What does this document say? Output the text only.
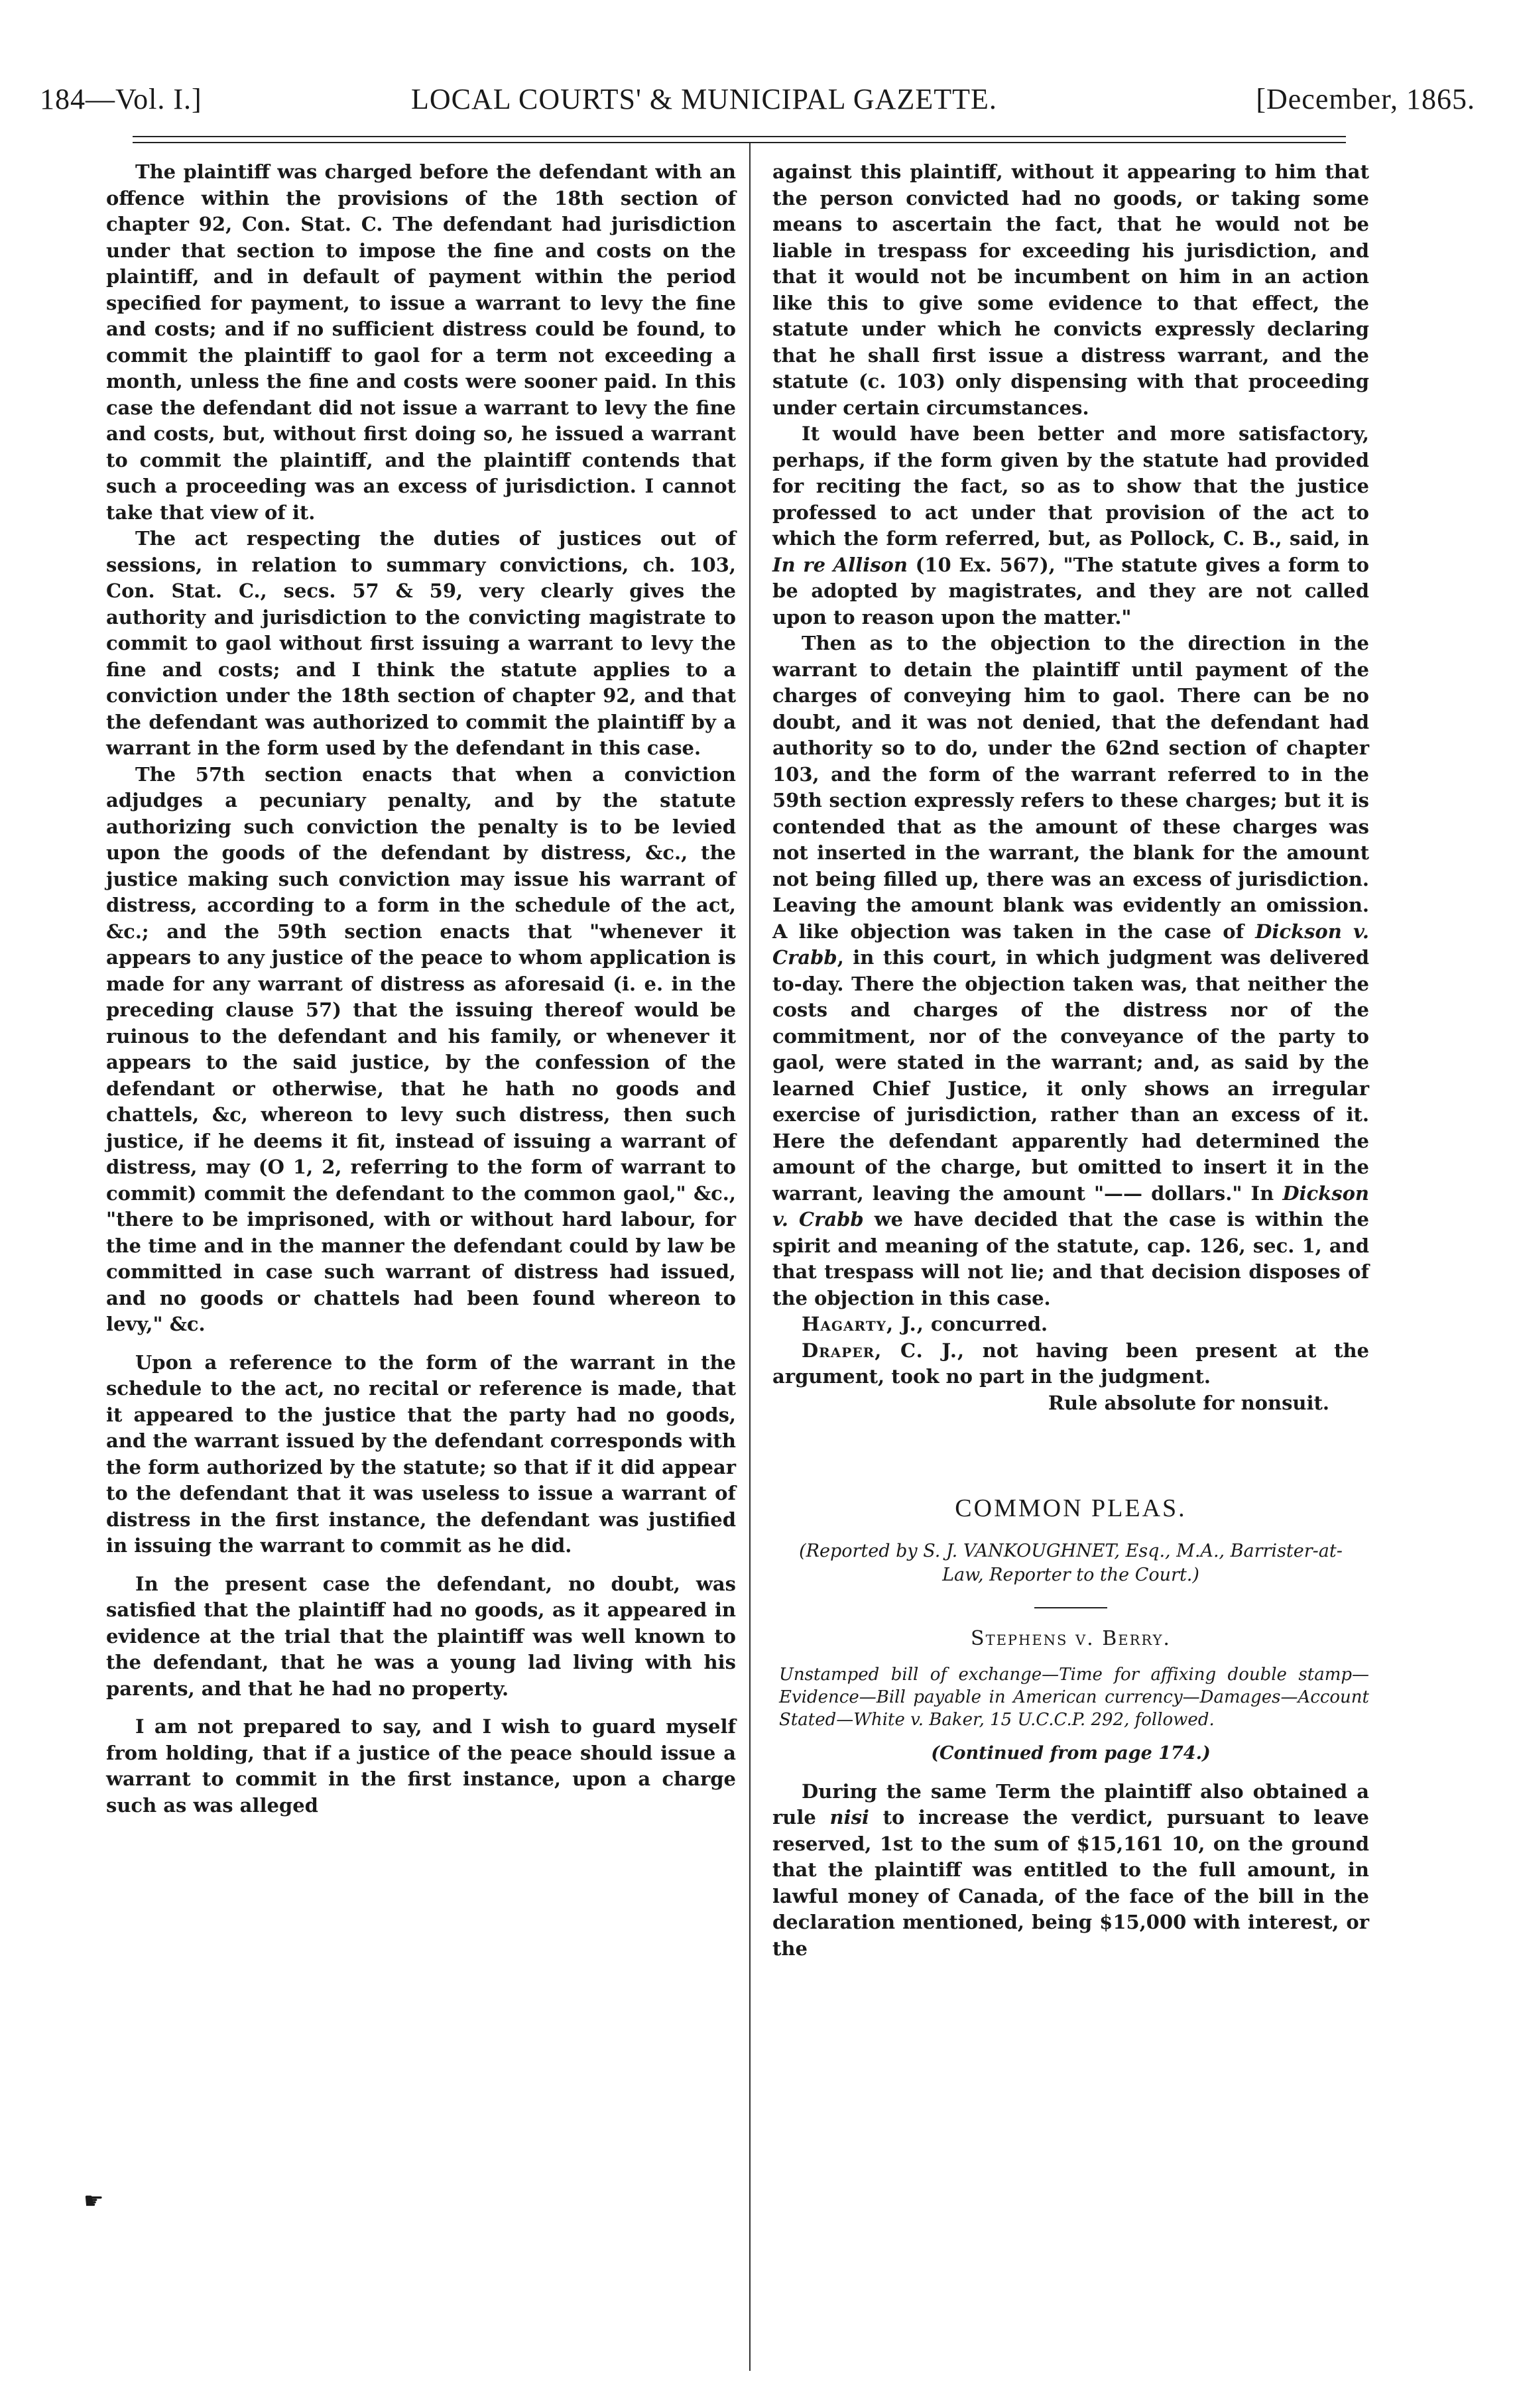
184—Vol. I.]	LOCAL COURTS' & MUNICIPAL GAZETTE.	[December, 1865.

The plaintiff was charged before the defendant with an offence within the provisions of the 18th section of chapter 92, Con. Stat. C. The defendant had jurisdiction under that section to impose the fine and costs on the plaintiff, and in default of payment within the period specified for payment, to issue a warrant to levy the fine and costs; and if no sufficient distress could be found, to commit the plaintiff to gaol for a term not exceeding a month, unless the fine and costs were sooner paid. In this case the defendant did not issue a warrant to levy the fine and costs, but, without first doing so, he issued a warrant to commit the plaintiff, and the plaintiff contends that such a proceeding was an excess of jurisdiction. I cannot take that view of it.

The act respecting the duties of justices out of sessions, in relation to summary convictions, ch. 103, Con. Stat. C., secs. 57 & 59, very clearly gives the authority and jurisdiction to the convicting magistrate to commit to gaol without first issuing a warrant to levy the fine and costs; and I think the statute applies to a conviction under the 18th section of chapter 92, and that the defendant was authorized to commit the plaintiff by a warrant in the form used by the defendant in this case.

The 57th section enacts that when a conviction adjudges a pecuniary penalty, and by the statute authorizing such conviction the penalty is to be levied upon the goods of the defendant by distress, &c., the justice making such conviction may issue his warrant of distress, according to a form in the schedule of the act, &c.; and the 59th section enacts that "whenever it appears to any justice of the peace to whom application is made for any warrant of distress as aforesaid (i. e. in the preceding clause 57) that the issuing thereof would be ruinous to the defendant and his family, or whenever it appears to the said justice, by the confession of the defendant or otherwise, that he hath no goods and chattels, &c, whereon to levy such distress, then such justice, if he deems it fit, instead of issuing a warrant of distress, may (O 1, 2, referring to the form of warrant to commit) commit the defendant to the common gaol," &c., "there to be imprisoned, with or without hard labour, for the time and in the manner the defendant could by law be committed in case such warrant of distress had issued, and no goods or chattels had been found whereon to levy," &c.

Upon a reference to the form of the warrant in the schedule to the act, no recital or reference is made, that it appeared to the justice that the party had no goods, and the warrant issued by the defendant corresponds with the form authorized by the statute; so that if it did appear to the defendant that it was useless to issue a warrant of distress in the first instance, the defendant was justified in issuing the warrant to commit as he did.

In the present case the defendant, no doubt, was satisfied that the plaintiff had no goods, as it appeared in evidence at the trial that the plaintiff was well known to the defendant, that he was a young lad living with his parents, and that he had no property.

I am not prepared to say, and I wish to guard myself from holding, that if a justice of the peace should issue a warrant to commit in the first instance, upon a charge such as was alleged

☛

against this plaintiff, without it appearing to him that the person convicted had no goods, or taking some means to ascertain the fact, that he would not be liable in trespass for exceeding his jurisdiction, and that it would not be incumbent on him in an action like this to give some evidence to that effect, the statute under which he convicts expressly declaring that he shall first issue a distress warrant, and the statute (c. 103) only dispensing with that proceeding under certain circumstances.

It would have been better and more satisfactory, perhaps, if the form given by the statute had provided for reciting the fact, so as to show that the justice professed to act under that provision of the act to which the form referred, but, as Pollock, C. B., said, in In re Allison (10 Ex. 567), "The statute gives a form to be adopted by magistrates, and they are not called upon to reason upon the matter."

Then as to the objection to the direction in the warrant to detain the plaintiff until payment of the charges of conveying him to gaol. There can be no doubt, and it was not denied, that the defendant had authority so to do, under the 62nd section of chapter 103, and the form of the warrant referred to in the 59th section expressly refers to these charges; but it is contended that as the amount of these charges was not inserted in the warrant, the blank for the amount not being filled up, there was an excess of jurisdiction. Leaving the amount blank was evidently an omission. A like objection was taken in the case of Dickson v. Crabb, in this court, in which judgment was delivered to-day. There the objection taken was, that neither the costs and charges of the distress nor of the commitment, nor of the conveyance of the party to gaol, were stated in the warrant; and, as said by the learned Chief Justice, it only shows an irregular exercise of jurisdiction, rather than an excess of it. Here the defendant apparently had determined the amount of the charge, but omitted to insert it in the warrant, leaving the amount "—— dollars." In Dickson v. Crabb we have decided that the case is within the spirit and meaning of the statute, cap. 126, sec. 1, and that trespass will not lie; and that decision disposes of the objection in this case.

Hagarty, J., concurred.

Draper, C. J., not having been present at the argument, took no part in the judgment.

Rule absolute for nonsuit.

COMMON PLEAS.
(Reported by S. J. VANKOUGHNET, Esq., M.A., Barrister-at-Law, Reporter to the Court.)
Stephens v. Berry.
Unstamped bill of exchange—Time for affixing double stamp—Evidence—Bill payable in American currency—Damages—Account Stated—White v. Baker, 15 U.C.C.P. 292, followed.
(Continued from page 174.)

During the same Term the plaintiff also obtained a rule nisi to increase the verdict, pursuant to leave reserved, 1st to the sum of $15,161 10, on the ground that the plaintiff was entitled to the full amount, in lawful money of Canada, of the face of the bill in the declaration mentioned, being $15,000 with interest, or the
